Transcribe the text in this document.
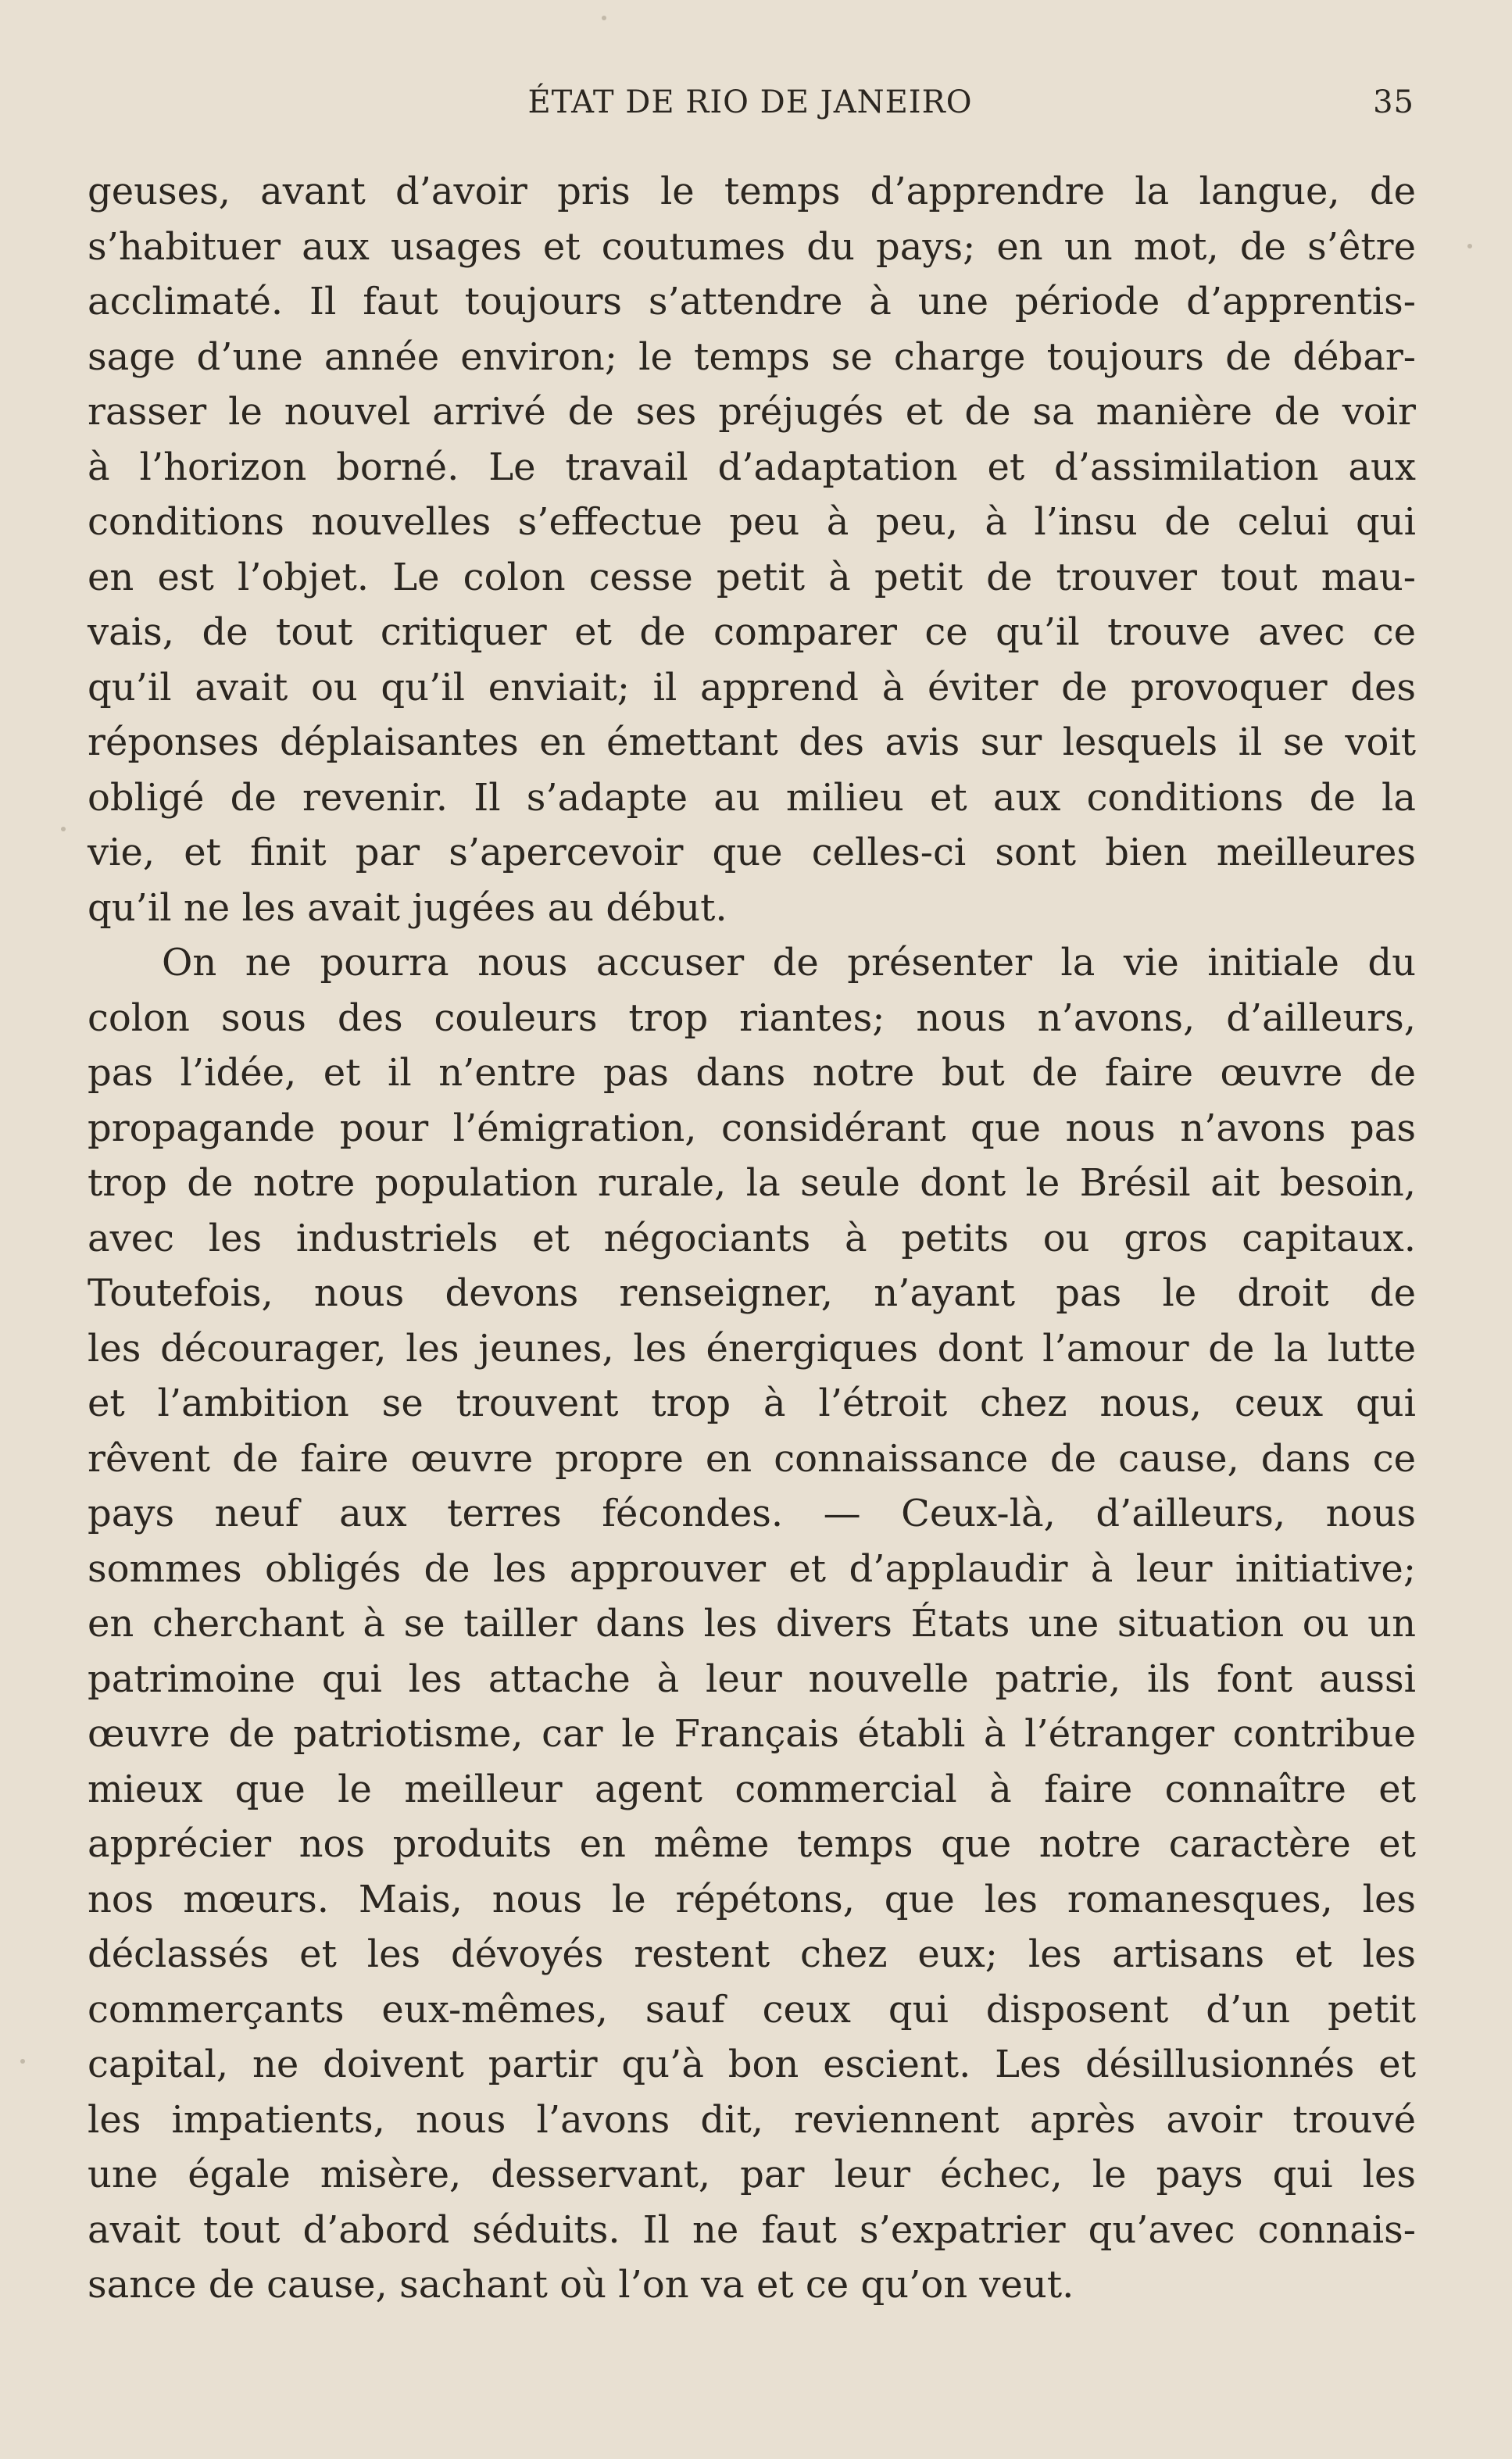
ÉTAT DE RIO DE JANEIRO	35
geuses, avant d’avoir pris le temps d’apprendre la langue, de
s’habituer aux usages et coutumes du pays; en un mot, de s’être
acclimaté. Il faut toujours s’attendre à une période d’apprentis-
sage d’une année environ; le temps se charge toujours de débar-
rasser le nouvel arrivé de ses préjugés et de sa manière de voir
à l’horizon borné. Le travail d’adaptation et d’assimilation aux
conditions nouvelles s’effectue peu à peu, à l’insu de celui qui
en est l’objet. Le colon cesse petit à petit de trouver tout mau-
vais, de tout critiquer et de comparer ce qu’il trouve avec ce
qu’il avait ou qu’il enviait; il apprend à éviter de provoquer des
réponses déplaisantes en émettant des avis sur lesquels il se voit
obligé de revenir. Il s’adapte au milieu et aux conditions de la
vie, et finit par s’apercevoir que celles-ci sont bien meilleures
qu’il ne les avait jugées au début.
On ne pourra nous accuser de présenter la vie initiale du
colon sous des couleurs trop riantes; nous n’avons, d’ailleurs,
pas l’idée, et il n’entre pas dans notre but de faire œuvre de
propagande pour l’émigration, considérant que nous n’avons pas
trop de notre population rurale, la seule dont le Brésil ait besoin,
avec les industriels et négociants à petits ou gros capitaux.
Toutefois, nous devons renseigner, n’ayant pas le droit de
les décourager, les jeunes, les énergiques dont l’amour de la lutte
et l’ambition se trouvent trop à l’étroit chez nous, ceux qui
rêvent de faire œuvre propre en connaissance de cause, dans ce
pays neuf aux terres fécondes. — Ceux-là, d’ailleurs, nous
sommes obligés de les approuver et d’applaudir à leur initiative;
en cherchant à se tailler dans les divers États une situation ou un
patrimoine qui les attache à leur nouvelle patrie, ils font aussi
œuvre de patriotisme, car le Français établi à l’étranger contribue
mieux que le meilleur agent commercial à faire connaître et
apprécier nos produits en même temps que notre caractère et
nos mœurs. Mais, nous le répétons, que les romanesques, les
déclassés et les dévoyés restent chez eux; les artisans et les
commerçants eux-mêmes, sauf ceux qui disposent d’un petit
capital, ne doivent partir qu’à bon escient. Les désillusionnés et
les impatients, nous l’avons dit, reviennent après avoir trouvé
une égale misère, desservant, par leur échec, le pays qui les
avait tout d’abord séduits. Il ne faut s’expatrier qu’avec connais-
sance de cause, sachant où l’on va et ce qu’on veut.
